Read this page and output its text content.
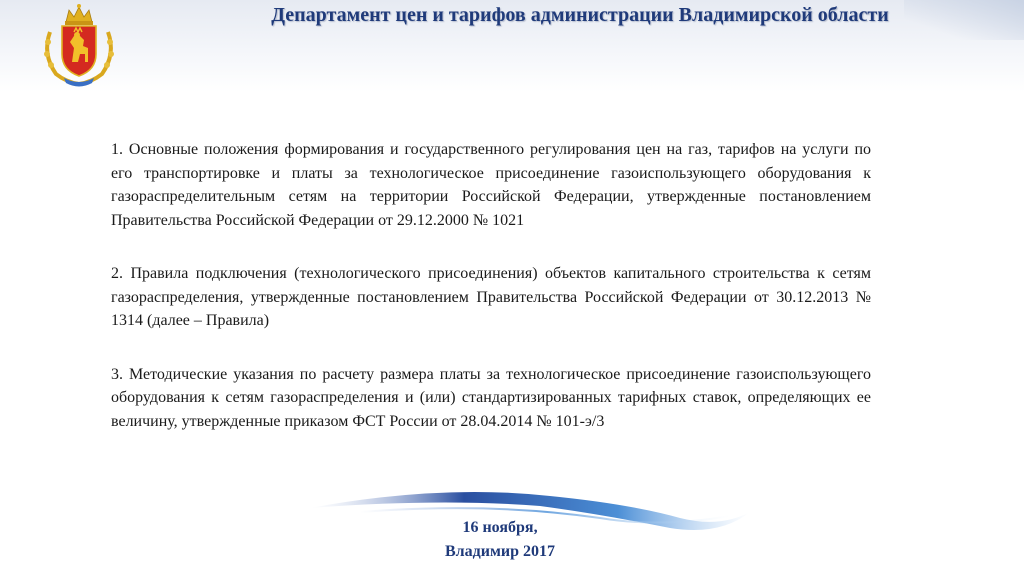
Департамент цен и тарифов администрации Владимирской области

1. Основные положения формирования и государственного регулирования цен на газ, тарифов на услуги по его транспортировке и платы за технологическое присоединение газоиспользующего оборудования к газораспределительным сетям на территории Российской Федерации, утвержденные постановлением Правительства Российской Федерации от 29.12.2000 № 1021

2. Правила подключения (технологического присоединения) объектов капитального строительства к сетям газораспределения, утвержденные постановлением Правительства Российской Федерации от 30.12.2013 № 1314 (далее – Правила)

3. Методические указания по расчету размера платы за технологическое присоединение газоиспользующего оборудования к сетям газораспределения и (или) стандартизированных тарифных ставок, определяющих ее величину, утвержденные приказом ФСТ России от 28.04.2014 № 101-э/3

16 ноября,
Владимир 2017
